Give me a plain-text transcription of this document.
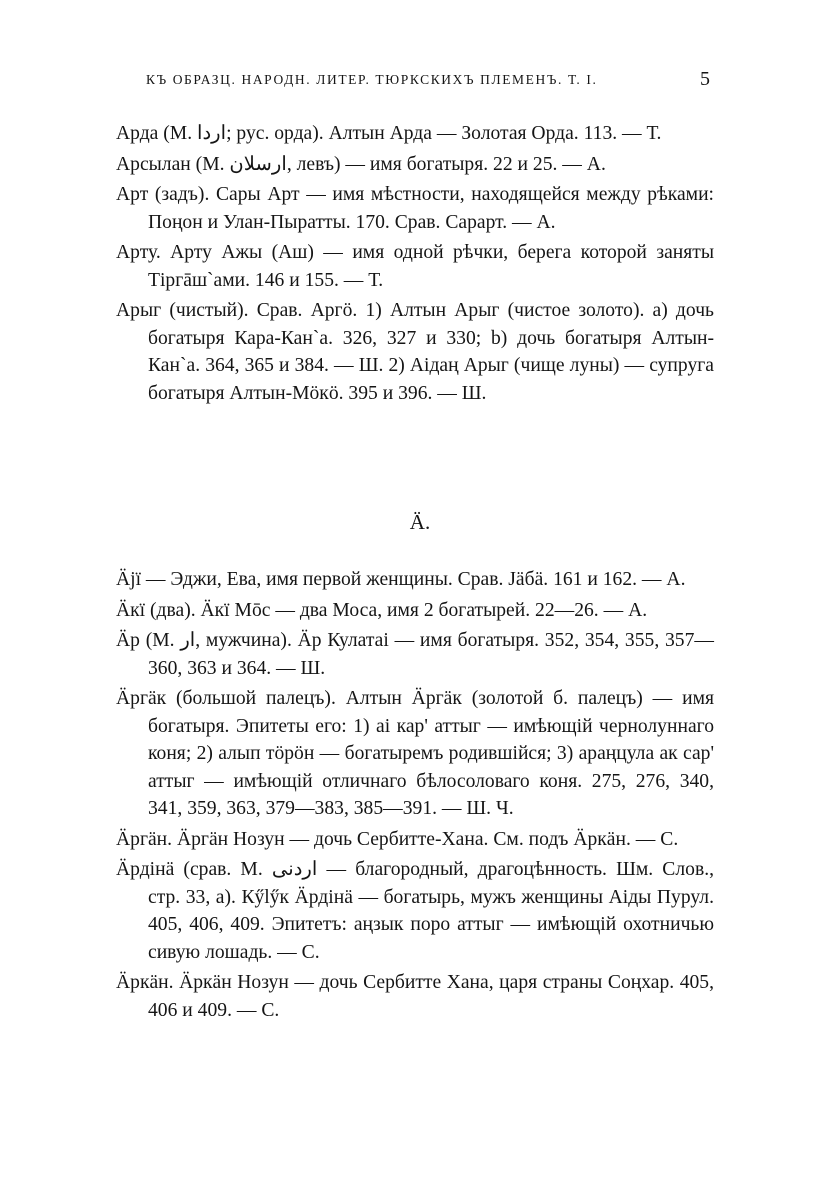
КЪ ОБРАЗЦ. НАРОДН. ЛИТЕР. ТЮРКСКИХЪ ПЛЕМЕНЪ. Т. I.	5

Арда (М. ﺍﺭﺩﺍ; рус. орда). Алтын Арда — Золотая Орда. 113. — Т.

Арсылан (М. ﺍﺭﺳﻼﻥ, левъ) — имя богатыря. 22 и 25. — А.

Арт (задъ). Сары Арт — имя мѣстности, находящейся между рѣками: Поңон и Улан-Пыратты. 170. Срав. Сарарт. — А.

Арту. Арту Ажы (Аш) — имя одной рѣчки, берега которой заняты Тіргāш`ами. 146 и 155. — Т.

Арыг (чистый). Срав. Аргӧ. 1) Алтын Арыг (чистое золото). а) дочь богатыря Кара-Кан`а. 326, 327 и 330; b) дочь богатыря Алтын-Кан`а. 364, 365 и 384. — Ш. 2) Аідаң Арыг (чище луны) — супруга богатыря Алтын-Мӧкӧ. 395 и 396. — Ш.

Ӓ.

Ӓjï — Эджи, Ева, имя первой женщины. Срав. Jӓбӓ. 161 и 162. — А.

Ӓкï (два). Ӓкï Мōс — два Моса, имя 2 богатырей. 22—26. — А.

Ӓр (М. ﺍﺭ, мужчина). Ӓр Кулатаі — имя богатыря. 352, 354, 355, 357—360, 363 и 364. — Ш.

Ӓргӓк (большой палецъ). Алтын Ӓргӓк (золотой б. палецъ) — имя богатыря. Эпитеты его: 1) аі кар' аттыг — имѣющій чернолуннаго коня; 2) алып тӧрӧн — богатыремъ родившійся; 3) араңцула ак сар' аттыг — имѣющій отличнаго бѣлосоловаго коня. 275, 276, 340, 341, 359, 363, 379—383, 385—391. — Ш. Ч.

Ӓргӓн. Ӓргӓн Нозун — дочь Сербитте-Хана. См. подъ Ӓркӓн. — С.

Ӓрдінӓ (срав. М. ﺍﺭﺩﻧﻰ — благородный, драгоцѣнность. Шм. Слов., стр. 33, а). Кӳlӳк Ӓрдінӓ — богатырь, мужъ женщины Аіды Пурул. 405, 406, 409. Эпитетъ: аңзык поро аттыг — имѣющій охотничью сивую лошадь. — С.

Ӓркӓн. Ӓркӓн Нозун — дочь Сербитте Хана, царя страны Соңхар. 405, 406 и 409. — С.
